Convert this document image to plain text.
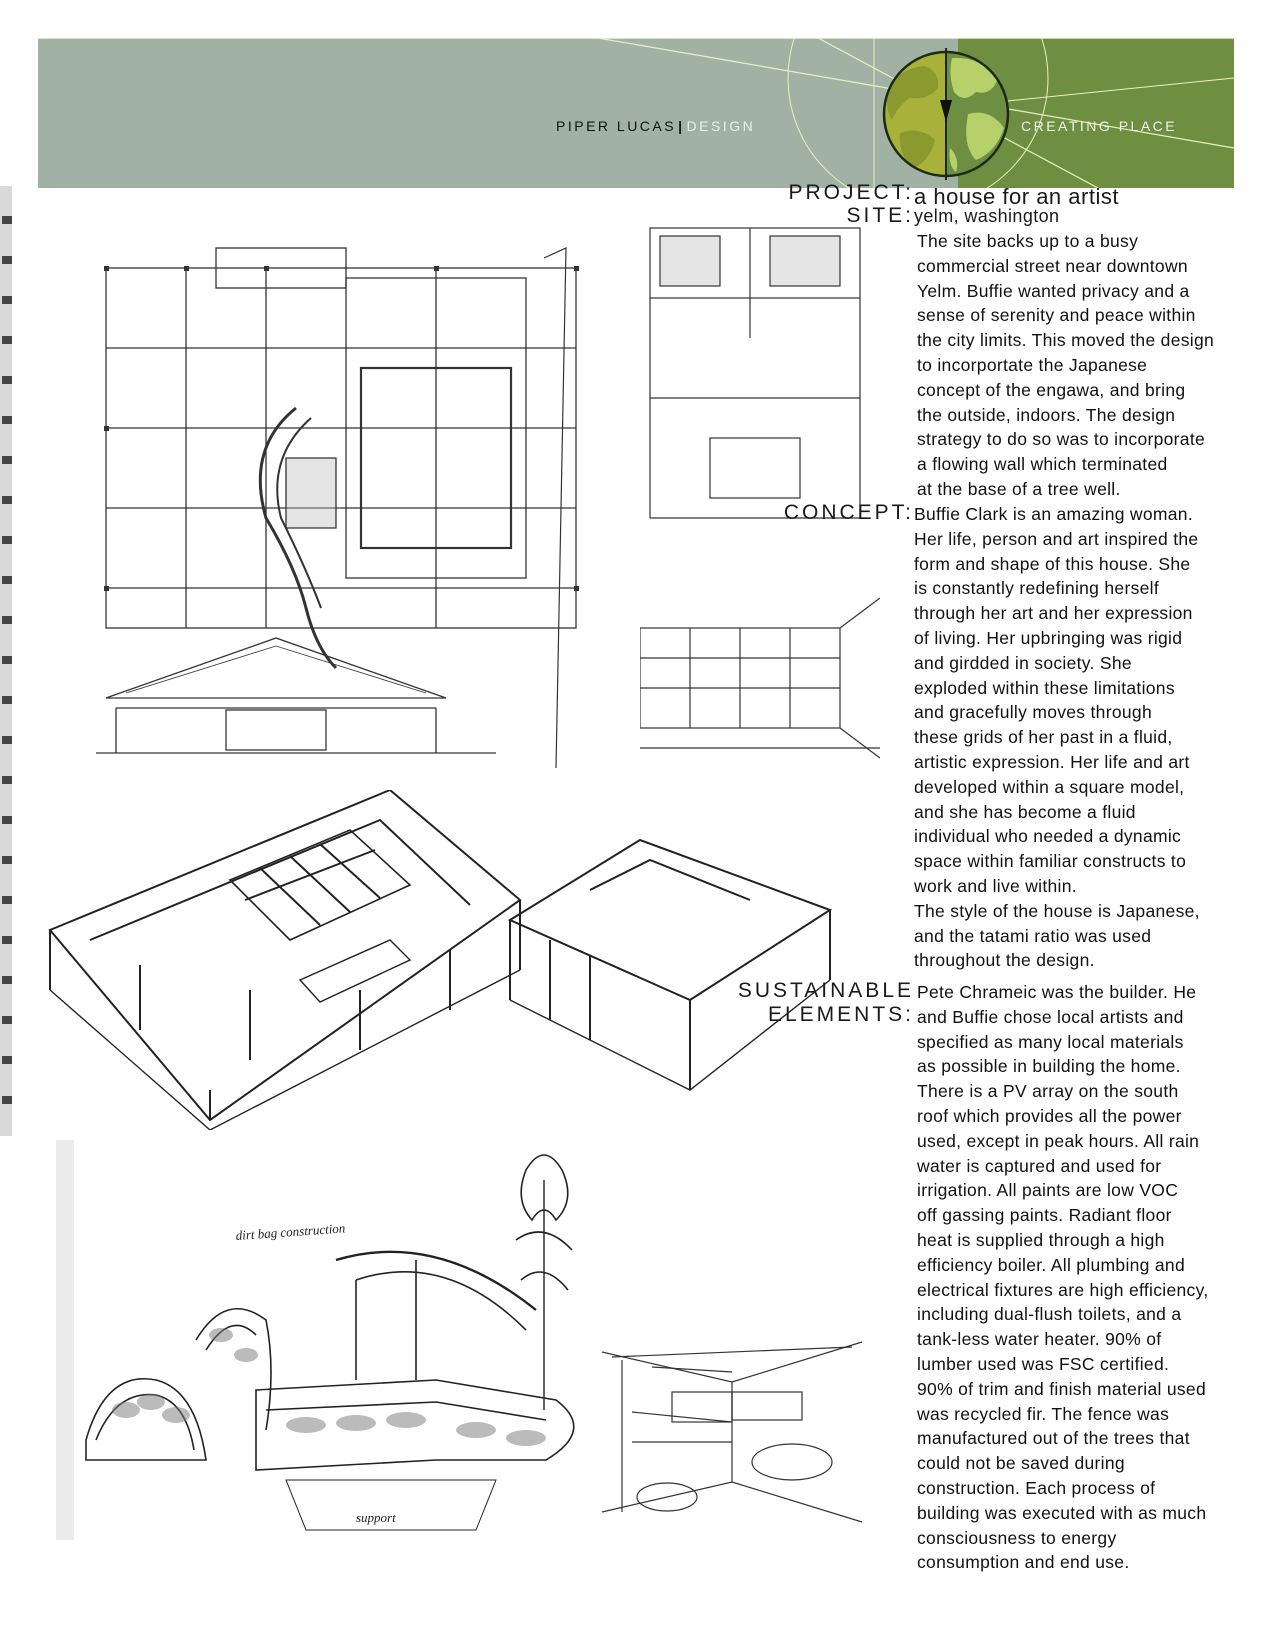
PIPER LUCAS | DESIGN	CREATING PLACE
dirt bag construction
support
PROJECT: a house for an artist
SITE: yelm, washington
The site backs up to a busy
commercial street near downtown
Yelm. Buffie wanted privacy and a
sense of serenity and peace within
the city limits. This moved the design
to incorportate the Japanese
concept of the engawa, and bring
the outside, indoors. The design
strategy to do so was to incorporate
a flowing wall which terminated
at the base of a tree well.
CONCEPT: Buffie Clark is an amazing woman.
Her life, person and art inspired the
form and shape of this house. She
is constantly redefining herself
through her art and her expression
of living. Her upbringing was rigid
and girdded in society. She
exploded within these limitations
and gracefully moves through
these grids of her past in a fluid,
artistic expression. Her life and art
developed within a square model,
and she has become a fluid
individual who needed a dynamic
space within familiar constructs to
work and live within.
The style of the house is Japanese,
and the tatami ratio was used
throughout the design.
SUSTAINABLE
ELEMENTS:
Pete Chrameic was the builder. He
and Buffie chose local artists and
specified as many local materials
as possible in building the home.
There is a PV array on the south
roof which provides all the power
used, except in peak hours. All rain
water is captured and used for
irrigation. All paints are low VOC
off gassing paints. Radiant floor
heat is supplied through a high
efficiency boiler. All plumbing and
electrical fixtures are high efficiency,
including dual-flush toilets, and a
tank-less water heater. 90% of
lumber used was FSC certified.
90% of trim and finish material used
was recycled fir. The fence was
manufactured out of the trees that
could not be saved during
construction. Each process of
building was executed with as much
consciousness to energy
consumption and end use.
